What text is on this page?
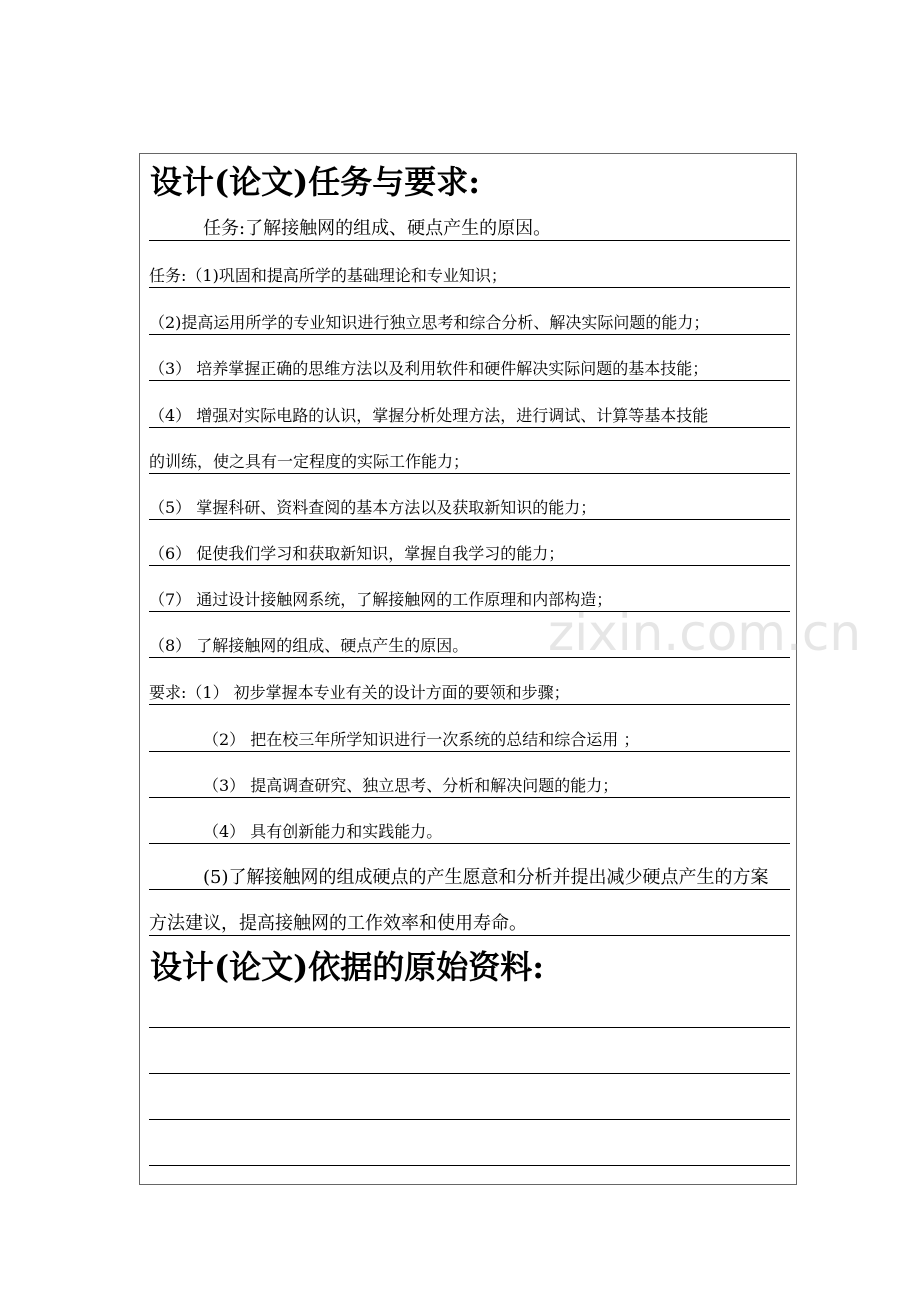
设计(论文)任务与要求:
任务:了解接触网的组成、硬点产生的原因。
任务:（1)巩固和提高所学的基础理论和专业知识；
（2)提高运用所学的专业知识进行独立思考和综合分析、解决实际问题的能力；
（3） 培养掌握正确的思维方法以及利用软件和硬件解决实际问题的基本技能；
（4） 增强对实际电路的认识，掌握分析处理方法，进行调试、计算等基本技能
的训练，使之具有一定程度的实际工作能力；
（5） 掌握科研、资料查阅的基本方法以及获取新知识的能力；
（6） 促使我们学习和获取新知识，掌握自我学习的能力；
（7） 通过设计接触网系统，了解接触网的工作原理和内部构造；
（8） 了解接触网的组成、硬点产生的原因。
要求:（1） 初步掌握本专业有关的设计方面的要领和步骤；
（2） 把在校三年所学知识进行一次系统的总结和综合运用 ；
（3） 提高调查研究、独立思考、分析和解决问题的能力；
（4） 具有创新能力和实践能力。
(5)了解接触网的组成硬点的产生愿意和分析并提出减少硬点产生的方案
方法建议，提高接触网的工作效率和使用寿命。
设计(论文)依据的原始资料:
zixin.com.cn
